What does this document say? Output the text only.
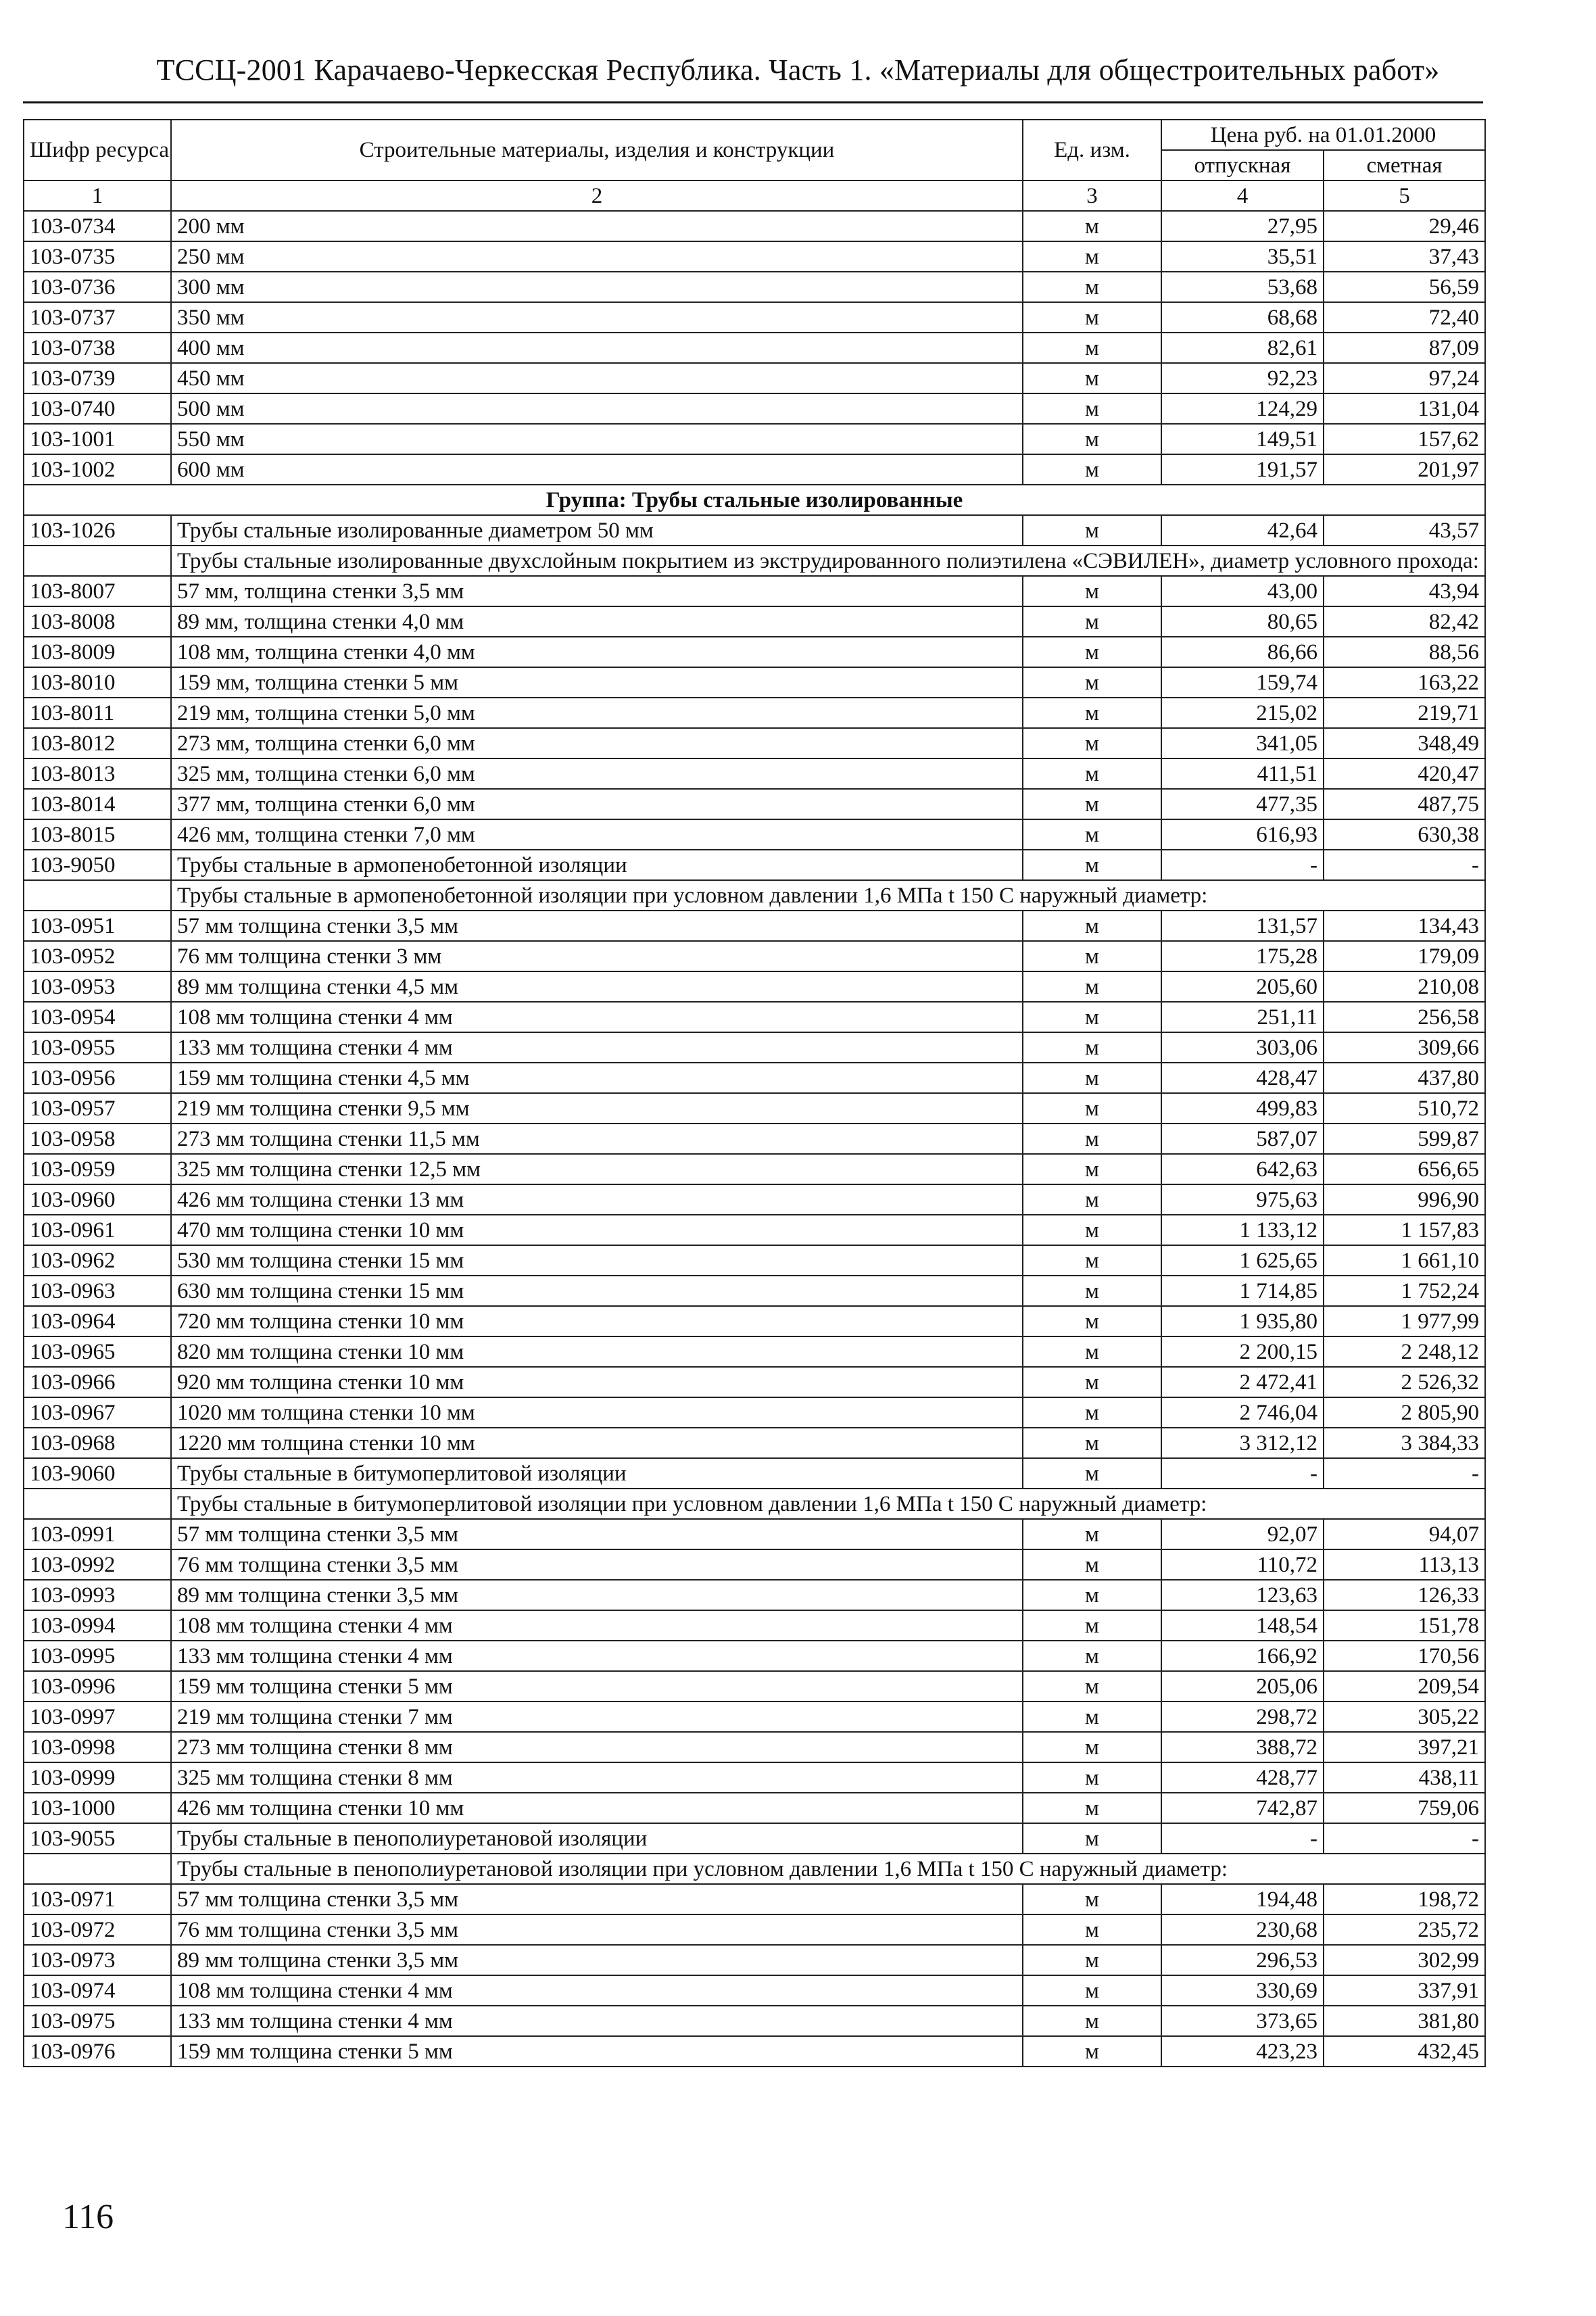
ТССЦ-2001 Карачаево-Черкесская Республика. Часть 1. «Материалы для общестроительных работ»
Шифр ресурса	Строительные материалы, изделия и конструкции	Ед. изм.	Цена руб. на 01.01.2000	
			отпускная	сметная
1	2	3	4	5
103-0734	200 мм	м	27,95	29,46
103-0735	250 мм	м	35,51	37,43
103-0736	300 мм	м	53,68	56,59
103-0737	350 мм	м	68,68	72,40
103-0738	400 мм	м	82,61	87,09
103-0739	450 мм	м	92,23	97,24
103-0740	500 мм	м	124,29	131,04
103-1001	550 мм	м	149,51	157,62
103-1002	600 мм	м	191,57	201,97
Группа: Трубы стальные изолированные				
103-1026	Трубы стальные изолированные диаметром 50 мм	м	42,64	43,57
	Трубы стальные изолированные двухслойным покрытием из экструдированного полиэтилена «СЭВИЛЕН», диаметр условного прохода:			
103-8007	57 мм, толщина стенки 3,5 мм	м	43,00	43,94
103-8008	89 мм, толщина стенки 4,0 мм	м	80,65	82,42
103-8009	108 мм, толщина стенки 4,0 мм	м	86,66	88,56
103-8010	159 мм, толщина стенки 5 мм	м	159,74	163,22
103-8011	219 мм, толщина стенки 5,0 мм	м	215,02	219,71
103-8012	273 мм, толщина стенки 6,0 мм	м	341,05	348,49
103-8013	325 мм, толщина стенки 6,0 мм	м	411,51	420,47
103-8014	377 мм, толщина стенки 6,0 мм	м	477,35	487,75
103-8015	426 мм, толщина стенки 7,0 мм	м	616,93	630,38
103-9050	Трубы стальные в армопенобетонной изоляции	м	-	-
	Трубы стальные в армопенобетонной изоляции при условном давлении 1,6 МПа t 150 С наружный диаметр:			
103-0951	57 мм толщина стенки 3,5 мм	м	131,57	134,43
103-0952	76 мм толщина стенки 3 мм	м	175,28	179,09
103-0953	89 мм толщина стенки 4,5 мм	м	205,60	210,08
103-0954	108 мм толщина стенки 4 мм	м	251,11	256,58
103-0955	133 мм толщина стенки 4 мм	м	303,06	309,66
103-0956	159 мм толщина стенки 4,5 мм	м	428,47	437,80
103-0957	219 мм толщина стенки 9,5 мм	м	499,83	510,72
103-0958	273 мм толщина стенки 11,5 мм	м	587,07	599,87
103-0959	325 мм толщина стенки 12,5 мм	м	642,63	656,65
103-0960	426 мм толщина стенки 13 мм	м	975,63	996,90
103-0961	470 мм толщина стенки 10 мм	м	1 133,12	1 157,83
103-0962	530 мм толщина стенки 15 мм	м	1 625,65	1 661,10
103-0963	630 мм толщина стенки 15 мм	м	1 714,85	1 752,24
103-0964	720 мм толщина стенки 10 мм	м	1 935,80	1 977,99
103-0965	820 мм толщина стенки 10 мм	м	2 200,15	2 248,12
103-0966	920 мм толщина стенки 10 мм	м	2 472,41	2 526,32
103-0967	1020 мм толщина стенки 10 мм	м	2 746,04	2 805,90
103-0968	1220 мм толщина стенки 10 мм	м	3 312,12	3 384,33
103-9060	Трубы стальные в битумоперлитовой изоляции	м	-	-
	Трубы стальные в битумоперлитовой изоляции при условном давлении 1,6 МПа t 150 С наружный диаметр:			
103-0991	57 мм толщина стенки 3,5 мм	м	92,07	94,07
103-0992	76 мм толщина стенки 3,5 мм	м	110,72	113,13
103-0993	89 мм толщина стенки 3,5 мм	м	123,63	126,33
103-0994	108 мм толщина стенки 4 мм	м	148,54	151,78
103-0995	133 мм толщина стенки 4 мм	м	166,92	170,56
103-0996	159 мм толщина стенки 5 мм	м	205,06	209,54
103-0997	219 мм толщина стенки 7 мм	м	298,72	305,22
103-0998	273 мм толщина стенки 8 мм	м	388,72	397,21
103-0999	325 мм толщина стенки 8 мм	м	428,77	438,11
103-1000	426 мм толщина стенки 10 мм	м	742,87	759,06
103-9055	Трубы стальные в пенополиуретановой изоляции	м	-	-
	Трубы стальные в пенополиуретановой изоляции при условном давлении 1,6 МПа t 150 С наружный диаметр:			
103-0971	57 мм толщина стенки 3,5 мм	м	194,48	198,72
103-0972	76 мм толщина стенки 3,5 мм	м	230,68	235,72
103-0973	89 мм толщина стенки 3,5 мм	м	296,53	302,99
103-0974	108 мм толщина стенки 4 мм	м	330,69	337,91
103-0975	133 мм толщина стенки 4 мм	м	373,65	381,80
103-0976	159 мм толщина стенки 5 мм	м	423,23	432,45
116
